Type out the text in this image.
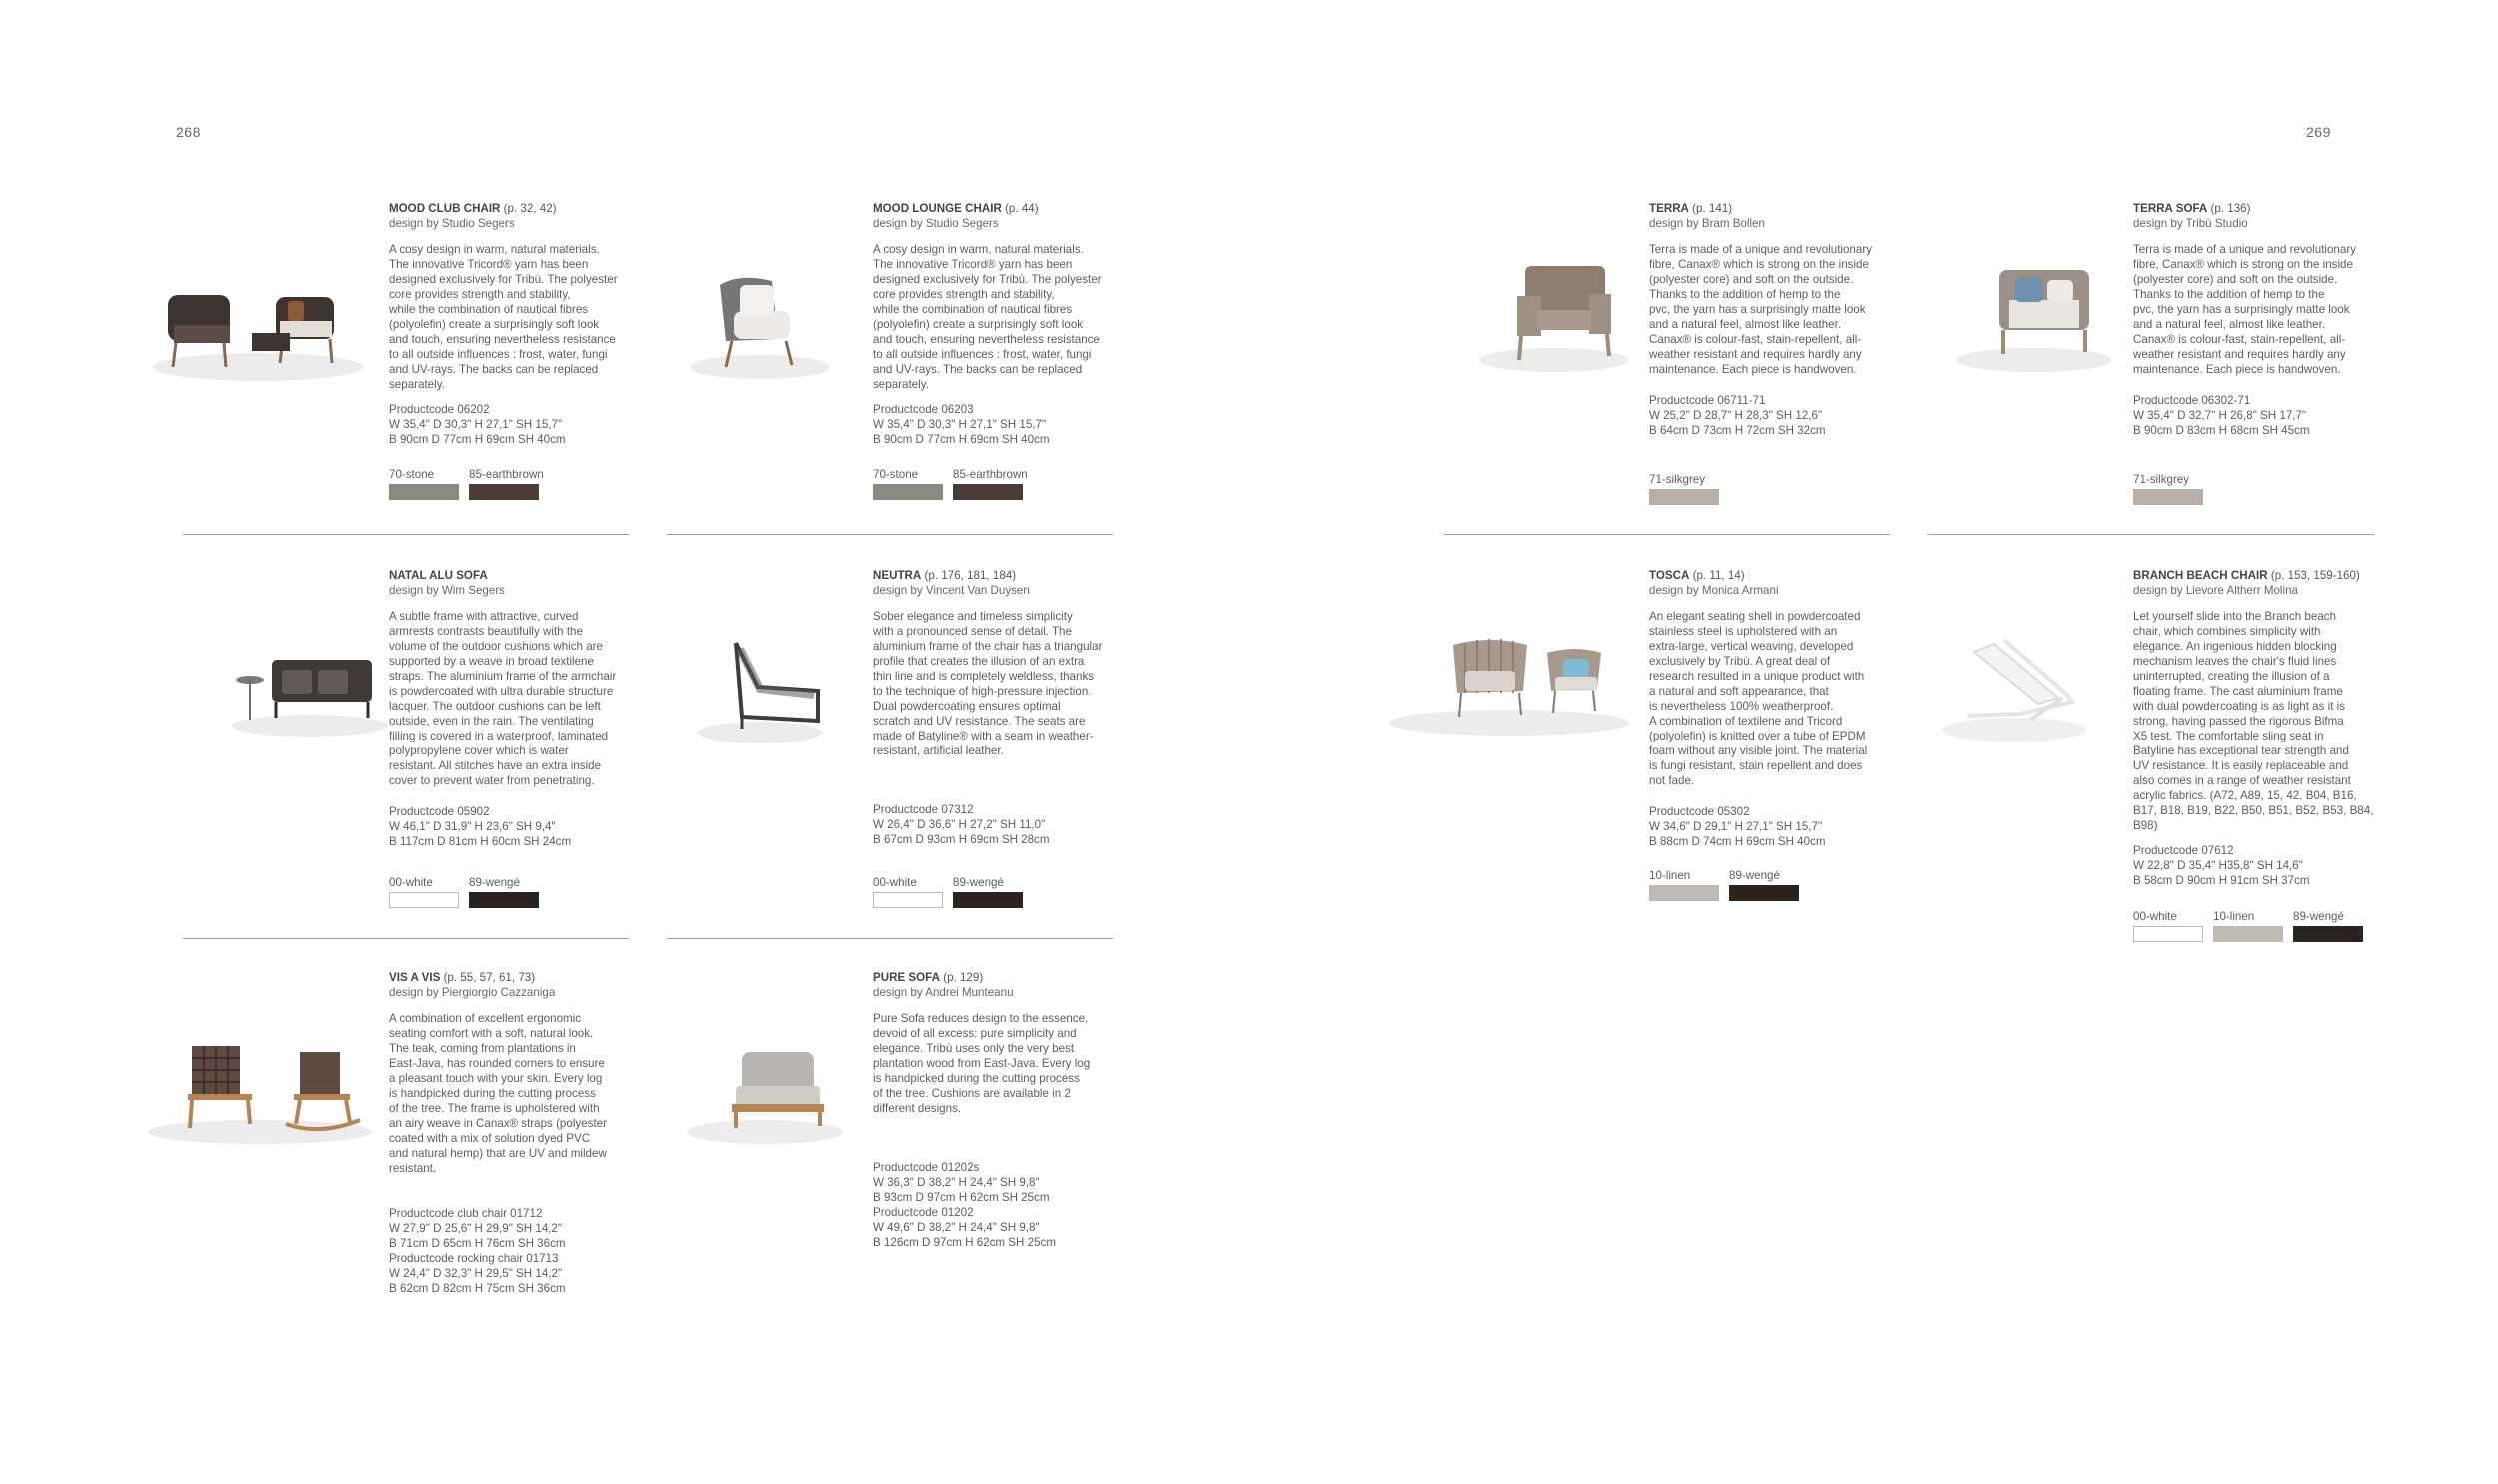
268	269

MOOD CLUB CHAIR (p. 32, 42)

design by Studio Segers

A cosy design in warm, natural materials.
The innovative Tricord® yarn has been
designed exclusively for Tribù. The polyester
core provides strength and stability,
while the combination of nautical fibres
(polyolefin) create a surprisingly soft look
and touch, ensuring nevertheless resistance
to all outside influences : frost, water, fungi
and UV-rays. The backs can be replaced
separately.

Productcode 06202
W 35,4" D 30,3" H 27,1" SH 15,7"
B 90cm D 77cm H 69cm SH 40cm

70-stone	85-earthbrown

MOOD LOUNGE CHAIR (p. 44)

design by Studio Segers

A cosy design in warm, natural materials.
The innovative Tricord® yarn has been
designed exclusively for Tribù. The polyester
core provides strength and stability,
while the combination of nautical fibres
(polyolefin) create a surprisingly soft look
and touch, ensuring nevertheless resistance
to all outside influences : frost, water, fungi
and UV-rays. The backs can be replaced
separately.

Productcode 06203
W 35,4" D 30,3" H 27,1" SH 15,7"
B 90cm D 77cm H 69cm SH 40cm

70-stone	85-earthbrown

NATAL ALU SOFA

design by Wim Segers

A subtle frame with attractive, curved
armrests contrasts beautifully with the
volume of the outdoor cushions which are
supported by a weave in broad textilene
straps. The aluminium frame of the armchair
is powdercoated with ultra durable structure
lacquer. The outdoor cushions can be left
outside, even in the rain. The ventilating
filling is covered in a waterproof, laminated
polypropylene cover which is water
resistant. All stitches have an extra inside
cover to prevent water from penetrating.

Productcode 05902
W 46,1" D 31,9" H 23,6" SH 9,4"
B 117cm D 81cm H 60cm SH 24cm

00-white	89-wengé

NEUTRA (p. 176, 181, 184)

design by Vincent Van Duysen

Sober elegance and timeless simplicity
with a pronounced sense of detail. The
aluminium frame of the chair has a triangular
profile that creates the illusion of an extra
thin line and is completely weldless, thanks
to the technique of high-pressure injection.
Dual powdercoating ensures optimal
scratch and UV resistance. The seats are
made of Batyline® with a seam in weather-
resistant, artificial leather.

Productcode 07312
W 26,4" D 36,6" H 27,2" SH 11,0"
B 67cm D 93cm H 69cm SH 28cm

00-white	89-wengé

VIS A VIS (p. 55, 57, 61, 73)

design by Piergiorgio Cazzaniga

A combination of excellent ergonomic
seating comfort with a soft, natural look.
The teak, coming from plantations in
East-Java, has rounded corners to ensure
a pleasant touch with your skin. Every log
is handpicked during the cutting process
of the tree. The frame is upholstered with
an airy weave in Canax® straps (polyester
coated with a mix of solution dyed PVC
and natural hemp) that are UV and mildew
resistant.

Productcode club chair 01712
W 27,9" D 25,6" H 29,9" SH 14,2"
B 71cm D 65cm H 76cm SH 36cm
Productcode rocking chair 01713
W 24,4" D 32,3" H 29,5" SH 14,2"
B 62cm D 82cm H 75cm SH 36cm

PURE SOFA (p. 129)

design by Andrei Munteanu

Pure Sofa reduces design to the essence,
devoid of all excess: pure simplicity and
elegance. Tribù uses only the very best
plantation wood from East-Java. Every log
is handpicked during the cutting process
of the tree. Cushions are available in 2
different designs.

Productcode 01202s
W 36,3" D 38,2" H 24,4" SH 9,8"
B 93cm D 97cm H 62cm SH 25cm
Productcode 01202
W 49,6" D 38,2" H 24,4" SH 9,8"
B 126cm D 97cm H 62cm SH 25cm

TERRA (p. 141)

design by Bram Bollen

Terra is made of a unique and revolutionary
fibre, Canax® which is strong on the inside
(polyester core) and soft on the outside.
Thanks to the addition of hemp to the
pvc, the yarn has a surprisingly matte look
and a natural feel, almost like leather.
Canax® is colour-fast, stain-repellent, all-
weather resistant and requires hardly any
maintenance. Each piece is handwoven.

Productcode 06711-71
W 25,2" D 28,7" H 28,3" SH 12,6"
B 64cm D 73cm H 72cm SH 32cm

71-silkgrey

TERRA SOFA (p. 136)

design by Tribù Studio

Terra is made of a unique and revolutionary
fibre, Canax® which is strong on the inside
(polyester core) and soft on the outside.
Thanks to the addition of hemp to the
pvc, the yarn has a surprisingly matte look
and a natural feel, almost like leather.
Canax® is colour-fast, stain-repellent, all-
weather resistant and requires hardly any
maintenance. Each piece is handwoven.

Productcode 06302-71
W 35,4" D 32,7" H 26,8" SH 17,7"
B 90cm D 83cm H 68cm SH 45cm

71-silkgrey

TOSCA (p. 11, 14)

design by Monica Armani

An elegant seating shell in powdercoated
stainless steel is upholstered with an
extra-large, vertical weaving, developed
exclusively by Tribù. A great deal of
research resulted in a unique product with
a natural and soft appearance, that
is nevertheless 100% weatherproof.
A combination of textilene and Tricord
(polyolefin) is knitted over a tube of EPDM
foam without any visible joint. The material
is fungi resistant, stain repellent and does
not fade.

Productcode 05302
W 34,6" D 29,1" H 27,1" SH 15,7"
B 88cm D 74cm H 69cm SH 40cm

10-linen	89-wengé

BRANCH BEACH CHAIR (p. 153, 159-160)

design by Lievore Altherr Molina

Let yourself slide into the Branch beach
chair, which combines simplicity with
elegance. An ingenious hidden blocking
mechanism leaves the chair's fluid lines
uninterrupted, creating the illusion of a
floating frame. The cast aluminium frame
with dual powdercoating is as light as it is
strong, having passed the rigorous Bifma
X5 test. The comfortable sling seat in
Batyline has exceptional tear strength and
UV resistance. It is easily replaceable and
also comes in a range of weather resistant
acrylic fabrics. (A72, A89, 15, 42, B04, B16,
B17, B18, B19, B22, B50, B51, B52, B53, B84,
B98)

Productcode 07612
W 22,8" D 35,4" H35,8" SH 14,6"
B 58cm D 90cm H 91cm SH 37cm

00-white	10-linen	89-wengé
